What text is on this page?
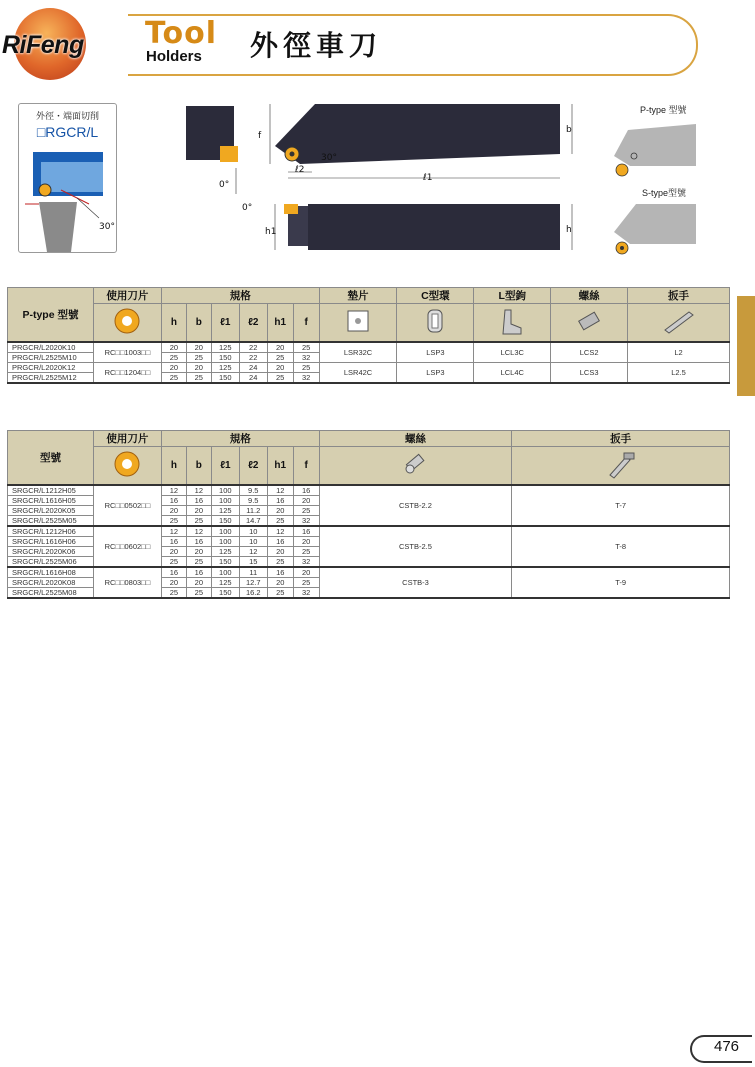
RiFeng Tool
Holders 外徑車刀
外徑・端面切削
□RGCR/L
30°
f
b
30°
ℓ2
ℓ1
0°
0°
h1	h
P-type 型號
S-type型號
P-type 型號	使用刀片	規格						墊片	C型環	L型鉤	螺絲	扳手
	h	b	ℓ1	ℓ2	h1	f					
PRGCR/L2020K10	RC□□1003□□	20	20	125	22	20	25	LSR32C	LSP3	LCL3C	LCS2	L2
PRGCR/L2525M10		25	25	150	22	25	32					
PRGCR/L2020K12	RC□□1204□□	20	20	125	24	20	25	LSR42C	LSP3	LCL4C	LCS3	L2.5
PRGCR/L2525M12		25	25	150	24	25	32					
型號	使用刀片	規格						螺絲	扳手
	h	b	ℓ1	ℓ2	h1	f		
SRGCR/L1212H05	RC□□0502□□	12	12	100	9.5	12	16	CSTB-2.2	T-7
SRGCR/L1616H05		16	16	100	9.5	16	20		
SRGCR/L2020K05		20	20	125	11.2	20	25		
SRGCR/L2525M05		25	25	150	14.7	25	32		
SRGCR/L1212H06	RC□□0602□□	12	12	100	10	12	16	CSTB-2.5	T-8
SRGCR/L1616H06		16	16	100	10	16	20		
SRGCR/L2020K06		20	20	125	12	20	25		
SRGCR/L2525M06		25	25	150	15	25	32		
SRGCR/L1616H08	RC□□0803□□	16	16	100	11	16	20	CSTB-3	T-9
SRGCR/L2020K08		20	20	125	12.7	20	25		
SRGCR/L2525M08		25	25	150	16.2	25	32		
476
